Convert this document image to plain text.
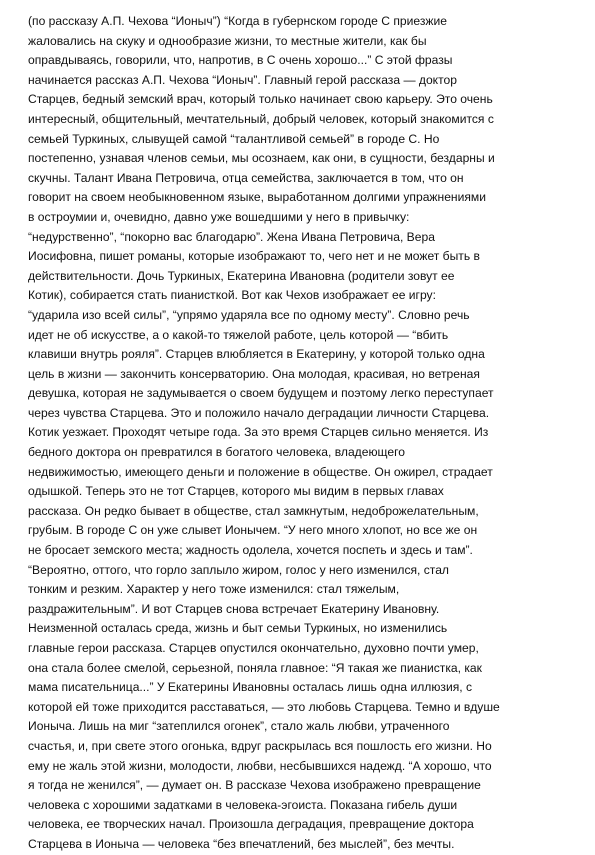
(по рассказу А.П. Чехова “Ионыч”) “Когда в губернском городе С приезжие
жаловались на скуку и однообразие жизни, то местные жители, как бы
оправдываясь, говорили, что, напротив, в С очень хорошо...” С этой фразы
начинается рассказ А.П. Чехова “Ионыч”. Главный герой рассказа — доктор
Старцев, бедный земский врач, который только начинает свою карьеру. Это очень
интересный, общительный, мечтательный, добрый человек, который знакомится с
семьей Туркиных, слывущей самой “талантливой семьей” в городе С. Но
постепенно, узнавая членов семьи, мы осознаем, как они, в сущности, бездарны и
скучны. Талант Ивана Петровича, отца семейства, заключается в том, что он
говорит на своем необыкновенном языке, выработанном долгими упражнениями
в остроумии и, очевидно, давно уже вошедшими у него в привычку:
“недурственно”, “покорно вас благодарю”. Жена Ивана Петровича, Вера
Иосифовна, пишет романы, которые изображают то, чего нет и не может быть в
действительности. Дочь Туркиных, Екатерина Ивановна (родители зовут ее
Котик), собирается стать пианисткой. Вот как Чехов изображает ее игру:
“ударила изо всей силы”, “упрямо ударяла все по одному месту”. Словно речь
идет не об искусстве, а о какой-то тяжелой работе, цель которой — “вбить
клавиши внутрь рояля”. Старцев влюбляется в Екатерину, у которой только одна
цель в жизни — закончить консерваторию. Она молодая, красивая, но ветреная
девушка, которая не задумывается о своем будущем и поэтому легко переступает
через чувства Старцева. Это и положило начало деградации личности Старцева.
Котик уезжает. Проходят четыре года. За это время Старцев сильно меняется. Из
бедного доктора он превратился в богатого человека, владеющего
недвижимостью, имеющего деньги и положение в обществе. Он ожирел, страдает
одышкой. Теперь это не тот Старцев, которого мы видим в первых главах
рассказа. Он редко бывает в обществе, стал замкнутым, недоброжелательным,
грубым. В городе С он уже слывет Ионычем. “У него много хлопот, но все же он
не бросает земского места; жадность одолела, хочется поспеть и здесь и там”.
“Вероятно, оттого, что горло заплыло жиром, голос у него изменился, стал
тонким и резким. Характер у него тоже изменился: стал тяжелым,
раздражительным”. И вот Старцев снова встречает Екатерину Ивановну.
Неизменной осталась среда, жизнь и быт семьи Туркиных, но изменились
главные герои рассказа. Старцев опустился окончательно, духовно почти умер,
она стала более смелой, серьезной, поняла главное: “Я такая же пианистка, как
мама писательница...” У Екатерины Ивановны осталась лишь одна иллюзия, с
которой ей тоже приходится расставаться, — это любовь Старцева. Темно и вдуше
Ионыча. Лишь на миг “затеплился огонек”, стало жаль любви, утраченного
счастья, и, при свете этого огонька, вдруг раскрылась вся пошлость его жизни. Но
ему не жаль этой жизни, молодости, любви, несбывшихся надежд. “А хорошо, что
я тогда не женился”, — думает он. В рассказе Чехова изображено превращение
человека с хорошими задатками в человека-эгоиста. Показана гибель души
человека, ее творческих начал. Произошла деградация, превращение доктора
Старцева в Ионыча — человека “без впечатлений, без мыслей”, без мечты.
